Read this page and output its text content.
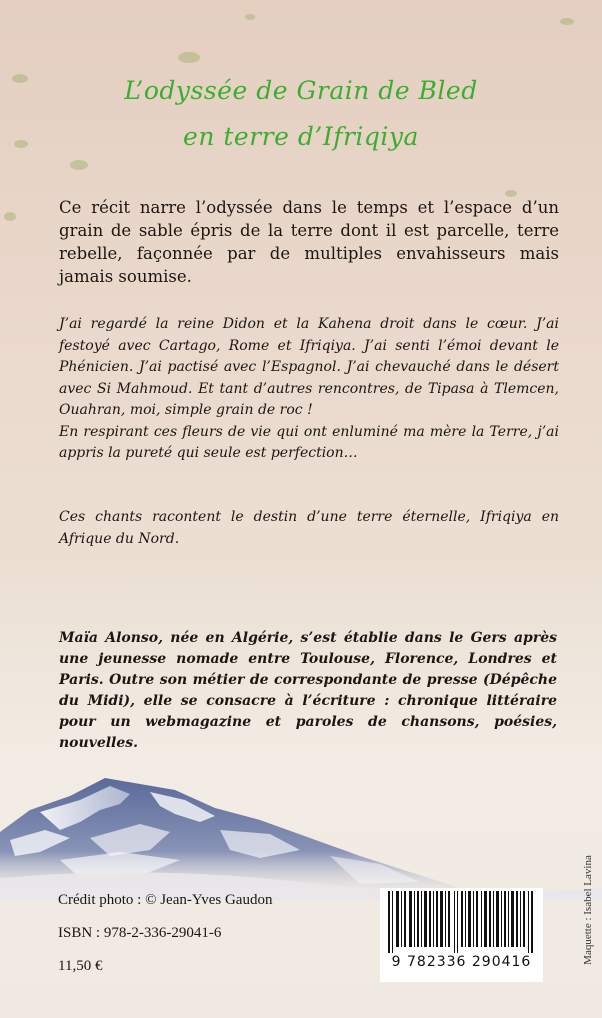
L’odyssée de Grain de Bled
en terre d’Ifriqiya
Ce récit narre l’odyssée dans le temps et l’espace d’un grain de sable épris de la terre dont il est parcelle, terre rebelle, façonnée par de multiples envahisseurs mais jamais soumise.
J’ai regardé la reine Didon et la Kahena droit dans le cœur. J’ai festoyé avec Cartago, Rome et Ifriqiya. J’ai senti l’émoi devant le Phénicien. J’ai pactisé avec l’Espagnol. J’ai chevauché dans le désert avec Si Mahmoud. Et tant d’autres rencontres, de Tipasa à Tlemcen, Ouahran, moi, simple grain de roc !
En respirant ces fleurs de vie qui ont enluminé ma mère la Terre, j’ai appris la pureté qui seule est perfection…
Ces chants racontent le destin d’une terre éternelle, Ifriqiya en Afrique du Nord.
Maïa Alonso, née en Algérie, s’est établie dans le Gers après une jeunesse nomade entre Toulouse, Florence, Londres et Paris. Outre son métier de correspondante de presse (Dépêche du Midi), elle se consacre à l’écriture : chronique littéraire pour un webmagazine et paroles de chansons, poésies, nouvelles.
Crédit photo : © Jean-Yves Gaudon
ISBN : 978-2-336-29041-6
11,50 €	9 782336 290416	Maquette : Isabel Lavina
